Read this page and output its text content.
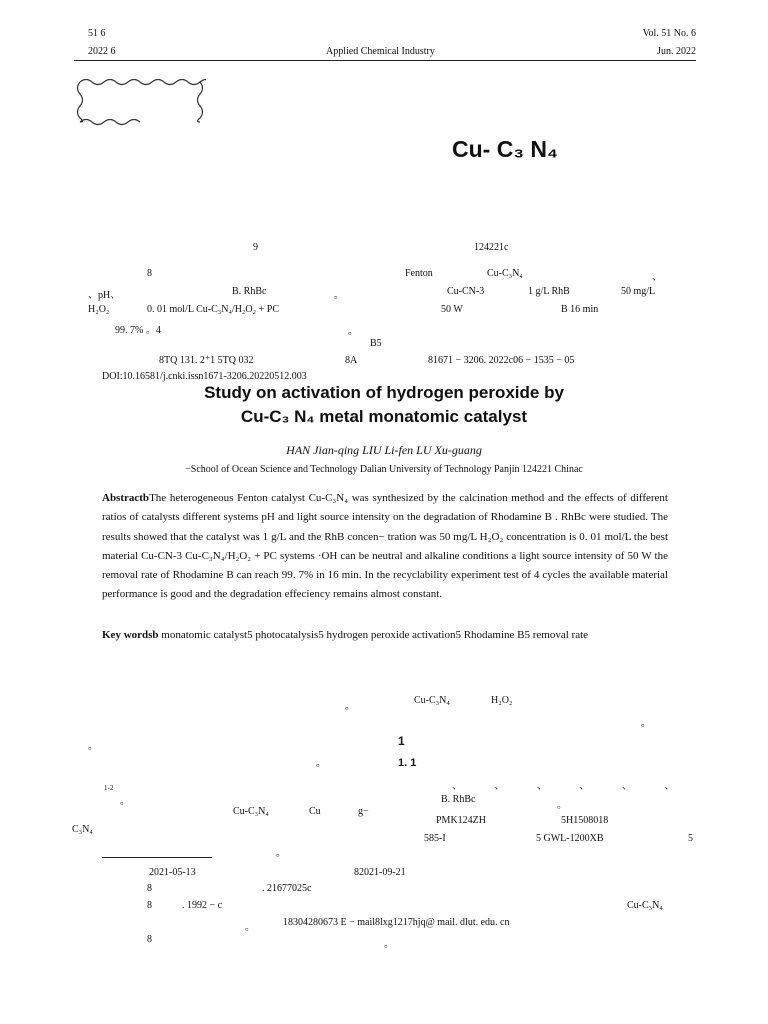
51 6
2022 6	Applied Chemical Industry
Vol. 51 No. 6
Jun. 2022
Cu- C₃ N₄
9	124221c
8	Fenton	Cu-C₃N₄	、
、pH、	B. RhBc	。	Cu-CN-3	1 g/L RhB	50 mg/L
H₂O₂	0. 01 mol/L Cu-C₃N₄/H₂O₂ + PC	50 W	B 16 min
99. 7% 。4	。
B5
8TQ 131. 2⁺1 5TQ 032	8A	81671 − 3206. 2022c06 − 1535 − 05
DOI:10.16581/j.cnki.issn1671-3206.20220512.003
Study on activation of hydrogen peroxide by
Cu-C₃ N₄ metal monatomic catalyst
HAN Jian-qing LIU Li-fen LU Xu-guang
−School of Ocean Science and Technology Dalian University of Technology Panjin 124221 Chinac
AbstractbThe heterogeneous Fenton catalyst Cu-C₃N₄ was synthesized by the calcination method and the effects of different ratios of catalysts different systems pH and light source intensity on the degradation of Rhodamine B . RhBc were studied. The results showed that the catalyst was 1 g/L and the RhB concen− tration was 50 mg/L H₂O₂ concentration is 0. 01 mol/L the best material Cu-CN-3 Cu-C₃N₄/H₂O₂ + PC systems ·OH can be neutral and alkaline conditions a light source intensity of 50 W the removal rate of Rhodamine B can reach 99. 7% in 16 min. In the recyclability experiment test of 4 cycles the available material performance is good and the degradation effeciency remains almost constant.
Key wordsb monatomic catalyst5 photocatalysis5 hydrogen peroxide activation5 Rhodamine B5 removal rate
。
Cu-C₃N₄	H₂O₂
。
。	1
。	1. 1
1-2	、 、 、 、 、 、
。	B. RhBc
。
Cu-C₃N₄	Cu	g−
PMK124ZH	5H1508018
C₃N₄
585-I	5 GWL-1200XB	5
。
2021-05-13	82021-09-21
8	. 21677025c
8	. 1992 − c	Cu-C₃N₄
。	18304280673 E − mail8lxg1217hjq@ mail. dlut. edu. cn
8	。
